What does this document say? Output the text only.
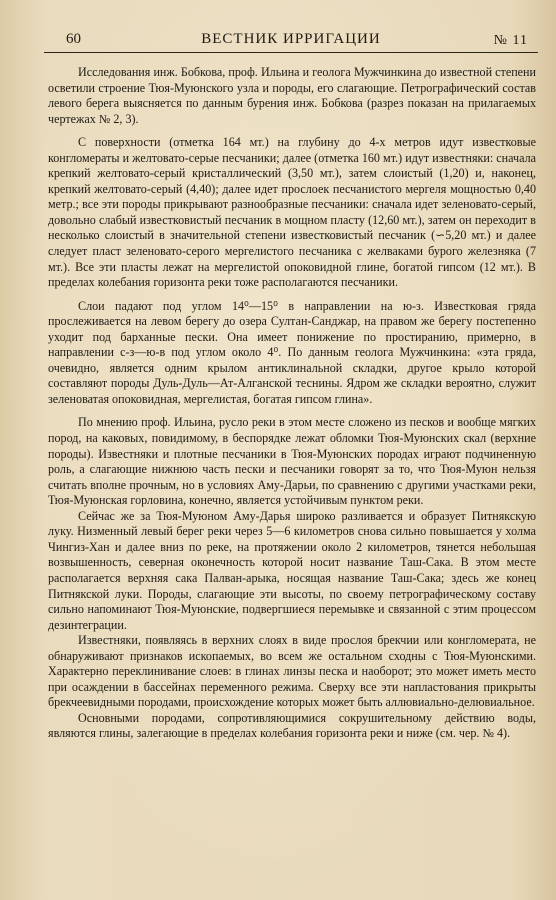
60	ВЕСТНИК ИРРИГАЦИИ	№ 11

Исследования инж. Бобкова, проф. Ильина и геолога Мужчинкина до известной степени осветили строение Тюя-Муюнского узла и породы, его слагающие. Петрографический состав левого берега выясняется по данным бурения инж. Бобкова (разрез показан на прилагаемых чертежах № 2, 3).

С поверхности (отметка 164 мт.) на глубину до 4-х метров идут известковые конгломераты и желтовато-серые песчаники; далее (отметка 160 мт.) идут известняки: сначала крепкий желтовато-серый кристаллический (3,50 мт.), затем слоистый (1,20) и, наконец, крепкий желтовато-серый (4,40); далее идет прослоек песчанистого мергеля мощностью 0,40 метр.; все эти породы прикрывают разнообразные песчаники: сначала идет зеленовато-серый, довольно слабый известковистый песчаник в мощном пласту (12,60 мт.), затем он переходит в несколько слоистый в значительной степени известковистый песчаник (∽5,20 мт.) и далее следует пласт зеленовато-серого мергелистого песчаника с желваками бурого железняка (7 мт.). Все эти пласты лежат на мергелистой опоковидной глине, богатой гипсом (12 мт.). В пределах колебания горизонта реки тоже располагаются песчаники.

Слои падают под углом 14⁰—15⁰ в направлении на ю-з. Известковая гряда прослеживается на левом берегу до озера Султан-Санджар, на правом же берегу постепенно уходит под барханные пески. Она имеет понижение по простиранию, примерно, в направлении с-з—ю-в под углом около 4⁰. По данным геолога Мужчинкина: «эта гряда, очевидно, является одним крылом антиклинальной складки, другое крыло которой составляют породы Дуль-Дуль—Ат-Алганской теснины. Ядром же складки вероятно, служит зеленоватая опоковидная, мергелистая, богатая гипсом глина».

По мнению проф. Ильина, русло реки в этом месте сложено из песков и вообще мягких пород, на каковых, повидимому, в беспорядке лежат обломки Тюя-Муюнских скал (верхние породы). Известняки и плотные песчаники в Тюя-Муюнских породах играют подчиненную роль, а слагающие нижнюю часть пески и песчаники говорят за то, что Тюя-Муюн нельзя считать вполне прочным, но в условиях Аму-Дарьи, по сравнению с другими участками реки, Тюя-Муюнская горловина, конечно, является устойчивым пунктом реки.

Сейчас же за Тюя-Муюном Аму-Дарья широко разливается и образует Питнякскую луку. Низменный левый берег реки через 5—6 километров снова сильно повышается у холма Чингиз-Хан и далее вниз по реке, на протяжении около 2 километров, тянется небольшая возвышенность, северная оконечность которой носит название Таш-Сака. В этом месте располагается верхняя сака Палван-арыка, носящая название Таш-Сака; здесь же конец Питнякской луки. Породы, слагающие эти высоты, по своему петрографическому составу сильно напоминают Тюя-Муюнские, подвергшиеся перемывке и связанной с этим процессом дезинтеграции.

Известняки, появляясь в верхних слоях в виде прослоя брекчии или конгломерата, не обнаруживают признаков ископаемых, во всем же остальном сходны с Тюя-Муюнскими. Характерно переклинивание слоев: в глинах линзы песка и наоборот; это может иметь место при осаждении в бассейнах переменного режима. Сверху все эти напластования прикрыты брекчеевидными породами, происхождение которых может быть аллювиально-делювиальное.

Основными породами, сопротивляющимися сокрушительному действию воды, являются глины, залегающие в пределах колебания горизонта реки и ниже (см. чер. № 4).
